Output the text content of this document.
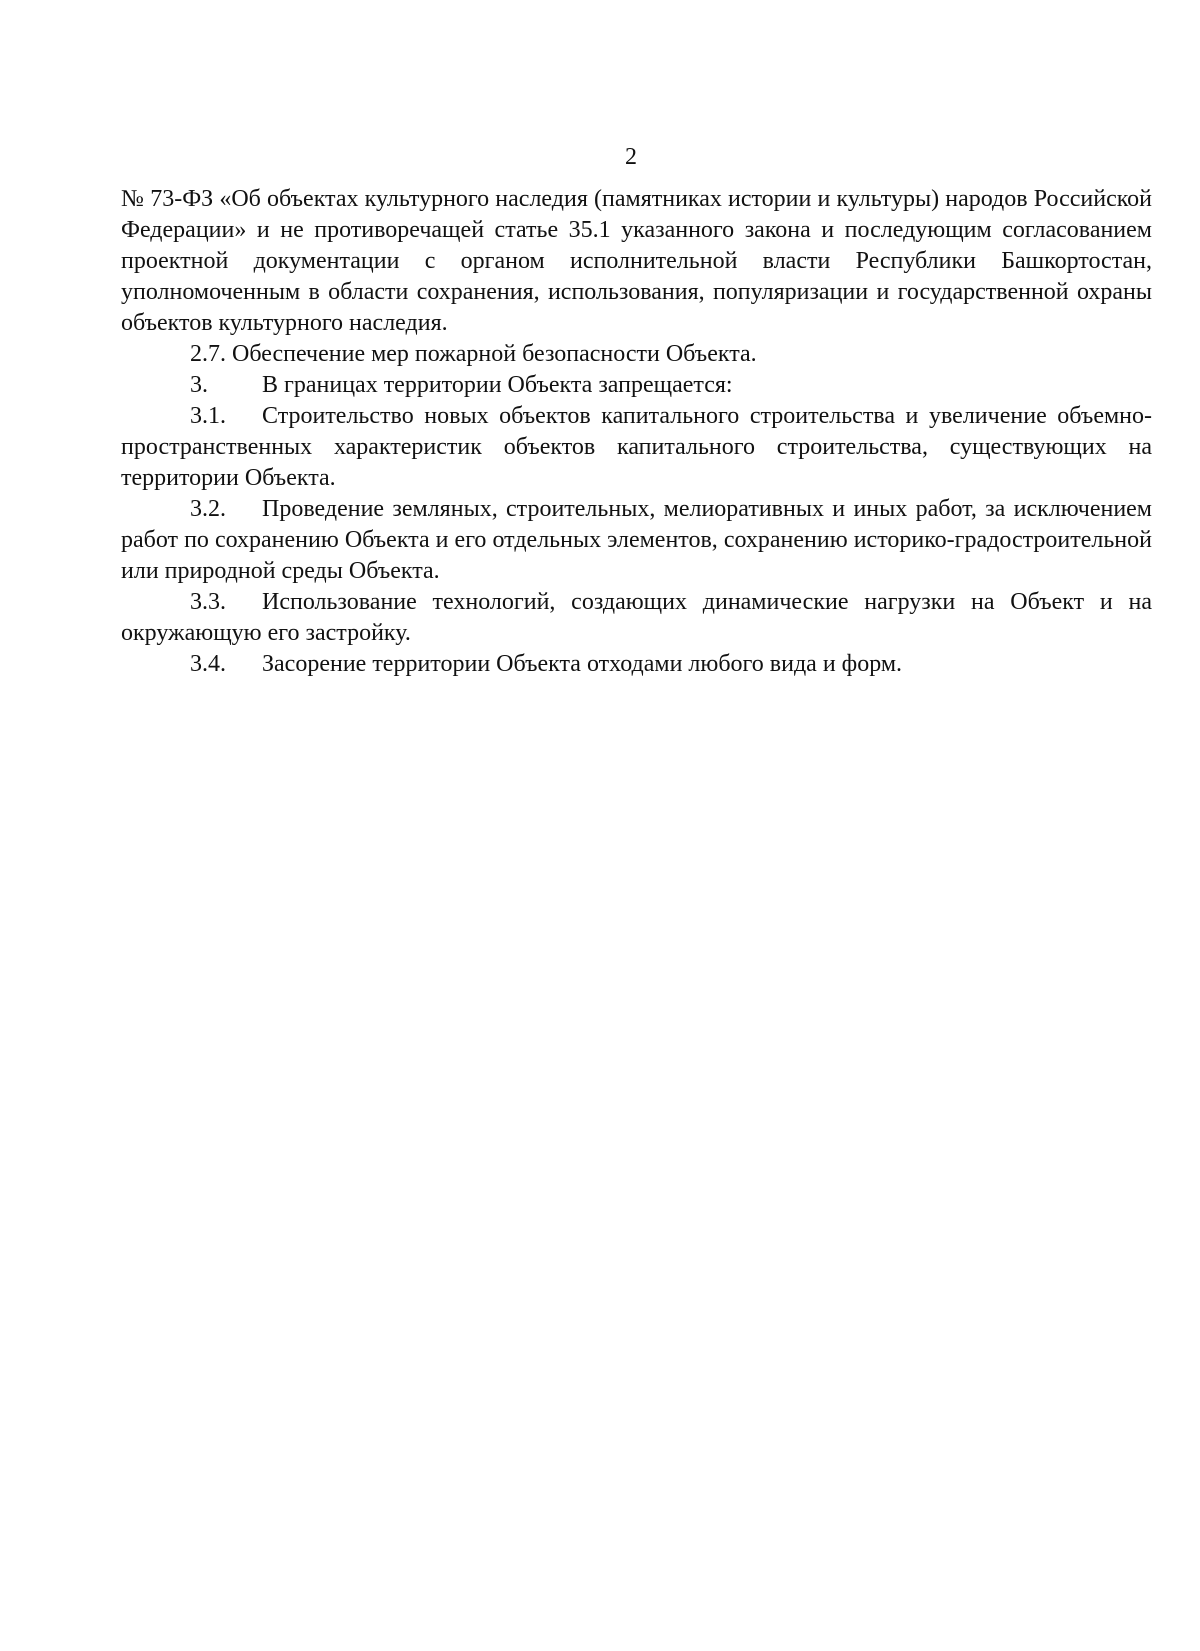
2

№ 73-ФЗ «Об объектах культурного наследия (памятниках истории и культуры) народов Российской Федерации» и не противоречащей статье 35.1 указанного закона и последующим согласованием проектной документации с органом исполнительной власти Республики Башкортостан, уполномоченным в области сохранения, использования, популяризации и государственной охраны объектов культурного наследия.

2.7. Обеспечение мер пожарной безопасности Объекта.

3. В границах территории Объекта запрещается:

3.1. Строительство новых объектов капитального строительства и увеличение объемно-пространственных характеристик объектов капитального строительства, существующих на территории Объекта.

3.2. Проведение земляных, строительных, мелиоративных и иных работ, за исключением работ по сохранению Объекта и его отдельных элементов, сохранению историко-градостроительной или природной среды Объекта.

3.3. Использование технологий, создающих динамические нагрузки на Объект и на окружающую его застройку.

3.4. Засорение территории Объекта отходами любого вида и форм.
